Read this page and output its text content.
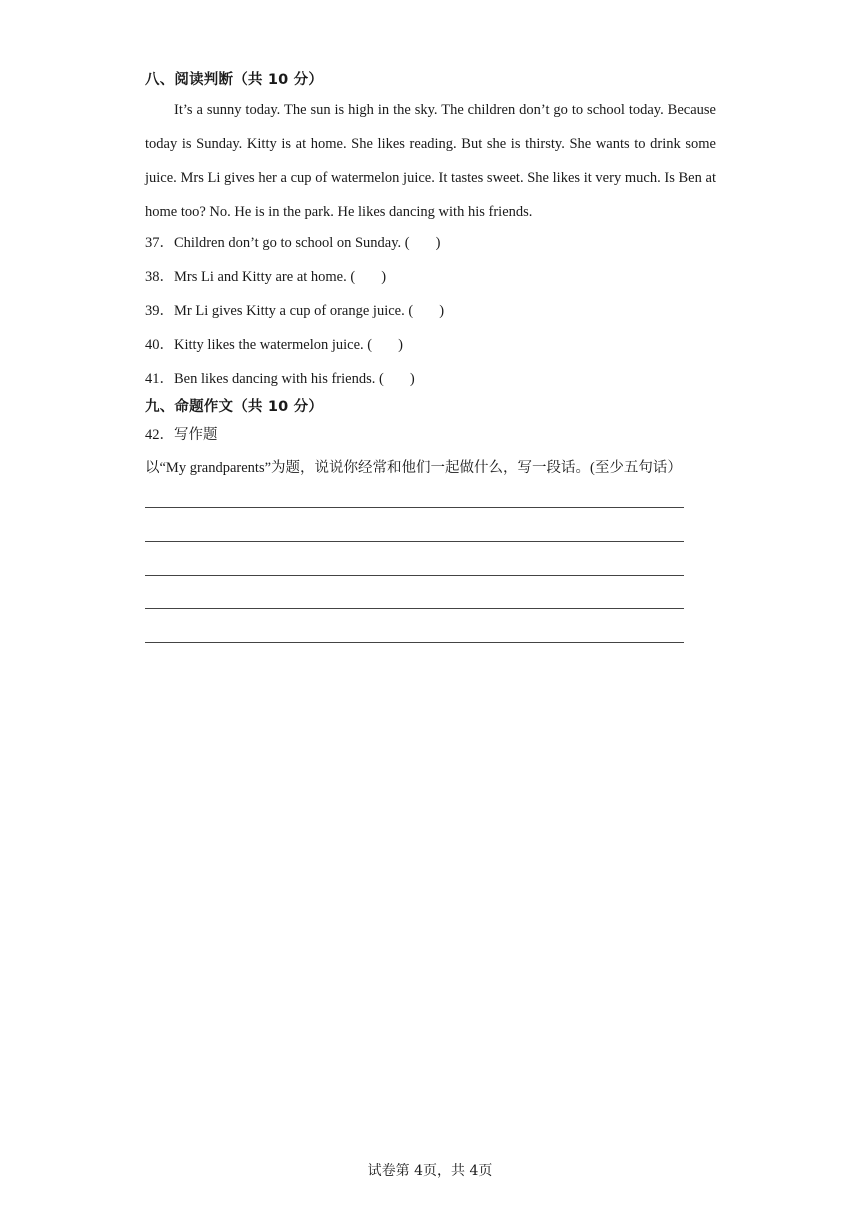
八、阅读判断（共 10 分）
It’s a sunny today. The sun is high in the sky. The children don’t go to school today. Because today is Sunday. Kitty is at home. She likes reading. But she is thirsty. She wants to drink some juice. Mrs Li gives her a cup of watermelon juice. It tastes sweet. She likes it very much. Is Ben at home too? No. He is in the park. He likes dancing with his friends.
37．Children don’t go to school on Sunday. ( )
38．Mrs Li and Kitty are at home. ( )
39．Mr Li gives Kitty a cup of orange juice. ( )
40．Kitty likes the watermelon juice. ( )
41．Ben likes dancing with his friends. ( )
九、命题作文（共 10 分）
42．写作题
以“My grandparents”为题，说说你经常和他们一起做什么，写一段话。(至少五句话）
试卷第 4页，共 4页
